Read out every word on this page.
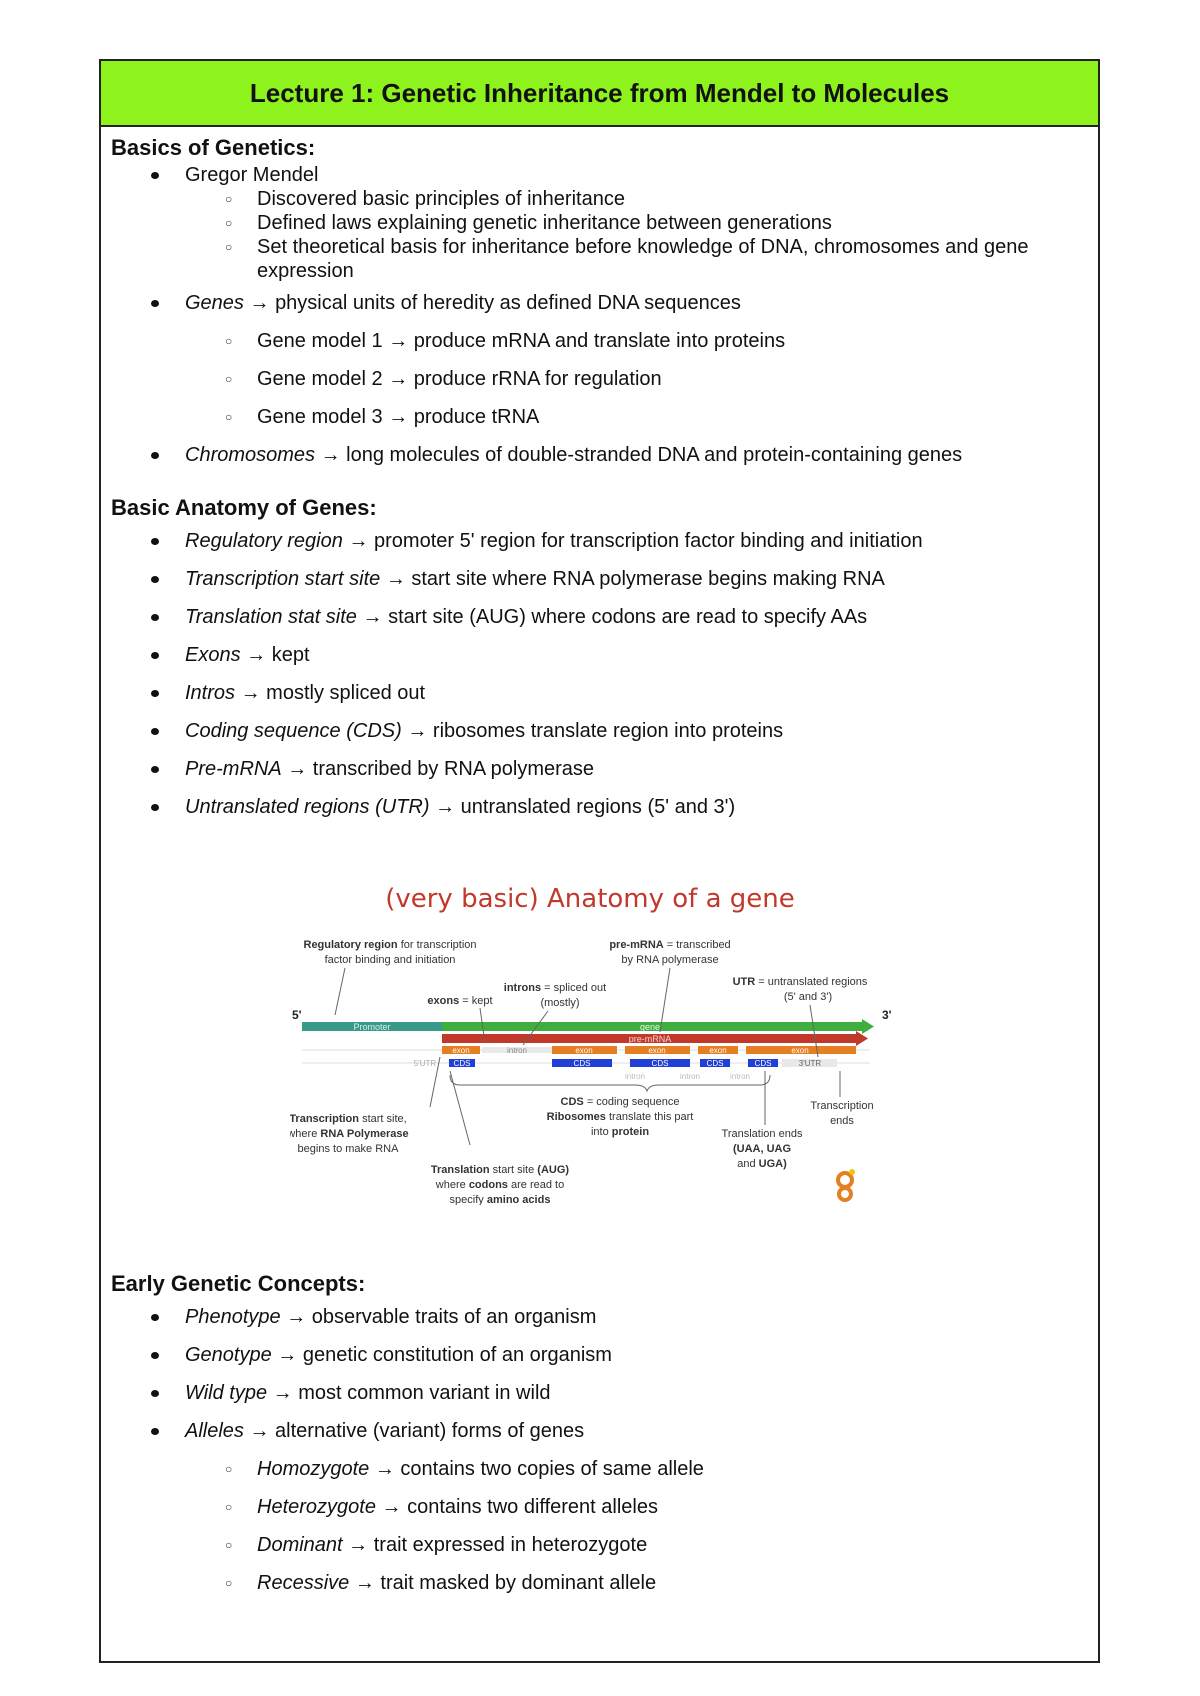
Lecture 1: Genetic Inheritance from Mendel to Molecules
Basics of Genetics:
Gregor Mendel
○ Discovered basic principles of inheritance
○ Defined laws explaining genetic inheritance between generations
○ Set theoretical basis for inheritance before knowledge of DNA, chromosomes and gene expression
Genes → physical units of heredity as defined DNA sequences
○ Gene model 1 → produce mRNA and translate into proteins
○ Gene model 2 → produce rRNA for regulation
○ Gene model 3 → produce tRNA
Chromosomes → long molecules of double-stranded DNA and protein-containing genes
Basic Anatomy of Genes:
Regulatory region → promoter 5' region for transcription factor binding and initiation
Transcription start site → start site where RNA polymerase begins making RNA
Translation stat site → start site (AUG) where codons are read to specify AAs
Exons → kept
Intros → mostly spliced out
Coding sequence (CDS) → ribosomes translate region into proteins
Pre-mRNA → transcribed by RNA polymerase
Untranslated regions (UTR) → untranslated regions (5' and 3')
(very basic) Anatomy of a gene
Regulatory region for transcription
factor binding and initiation
pre-mRNA = transcribed
by RNA polymerase
introns = spliced out
(mostly)
exons = kept
UTR = untranslated regions
(5' and 3')
5'	3'
Promoter	gene
pre-mRNA
exon	intron	exon	exon	exon	exon
5'UTR CDS	CDS	CDS	CDS	CDS	3'UTR
intron	intron	intron
Transcription start site,
where RNA Polymerase
begins to make RNA
Translation start site (AUG)
where codons are read to
specify amino acids
CDS = coding sequence
Ribosomes translate this part
into protein	Translation ends
(UAA, UAG
and UGA)
Transcription
ends
Early Genetic Concepts:
Phenotype → observable traits of an organism
Genotype → genetic constitution of an organism
Wild type → most common variant in wild
Alleles → alternative (variant) forms of genes
○ Homozygote → contains two copies of same allele
○ Heterozygote → contains two different alleles
○ Dominant → trait expressed in heterozygote
○ Recessive → trait masked by dominant allele
